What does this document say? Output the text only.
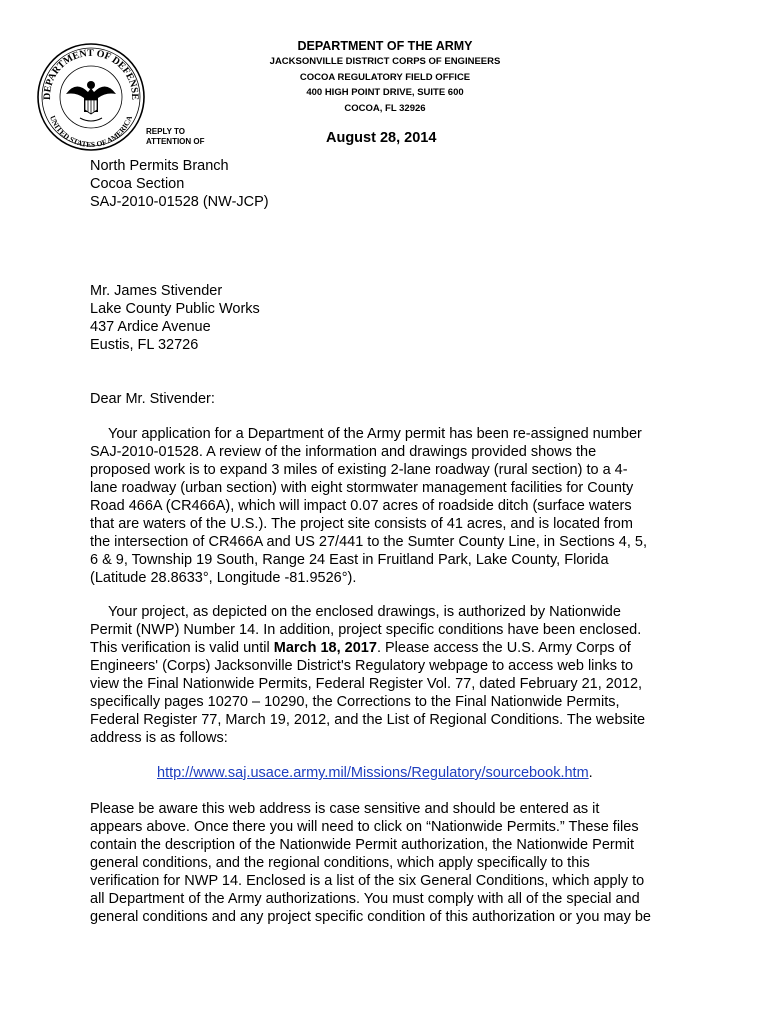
DEPARTMENT OF DEFENSE
UNITED STATES OF AMERICA
DEPARTMENT OF THE ARMY
JACKSONVILLE DISTRICT CORPS OF ENGINEERS
COCOA REGULATORY FIELD OFFICE
400 HIGH POINT DRIVE, SUITE 600
COCOA, FL 32926
REPLY TO
ATTENTION OF	August 28, 2014
North Permits Branch
Cocoa Section
SAJ-2010-01528 (NW-JCP)
Mr. James Stivender
Lake County Public Works
437 Ardice Avenue
Eustis, FL 32726
Dear Mr. Stivender:
Your application for a Department of the Army permit has been re-assigned number
SAJ-2010-01528. A review of the information and drawings provided shows the
proposed work is to expand 3 miles of existing 2-lane roadway (rural section) to a 4-
lane roadway (urban section) with eight stormwater management facilities for County
Road 466A (CR466A), which will impact 0.07 acres of roadside ditch (surface waters
that are waters of the U.S.). The project site consists of 41 acres, and is located from
the intersection of CR466A and US 27/441 to the Sumter County Line, in Sections 4, 5,
6 & 9, Township 19 South, Range 24 East in Fruitland Park, Lake County, Florida
(Latitude 28.8633°, Longitude -81.9526°).
Your project, as depicted on the enclosed drawings, is authorized by Nationwide
Permit (NWP) Number 14. In addition, project specific conditions have been enclosed.
This verification is valid until March 18, 2017. Please access the U.S. Army Corps of
Engineers' (Corps) Jacksonville District's Regulatory webpage to access web links to
view the Final Nationwide Permits, Federal Register Vol. 77, dated February 21, 2012,
specifically pages 10270 – 10290, the Corrections to the Final Nationwide Permits,
Federal Register 77, March 19, 2012, and the List of Regional Conditions. The website
address is as follows:
http://www.saj.usace.army.mil/Missions/Regulatory/sourcebook.htm.
Please be aware this web address is case sensitive and should be entered as it
appears above. Once there you will need to click on “Nationwide Permits.” These files
contain the description of the Nationwide Permit authorization, the Nationwide Permit
general conditions, and the regional conditions, which apply specifically to this
verification for NWP 14. Enclosed is a list of the six General Conditions, which apply to
all Department of the Army authorizations. You must comply with all of the special and
general conditions and any project specific condition of this authorization or you may be
